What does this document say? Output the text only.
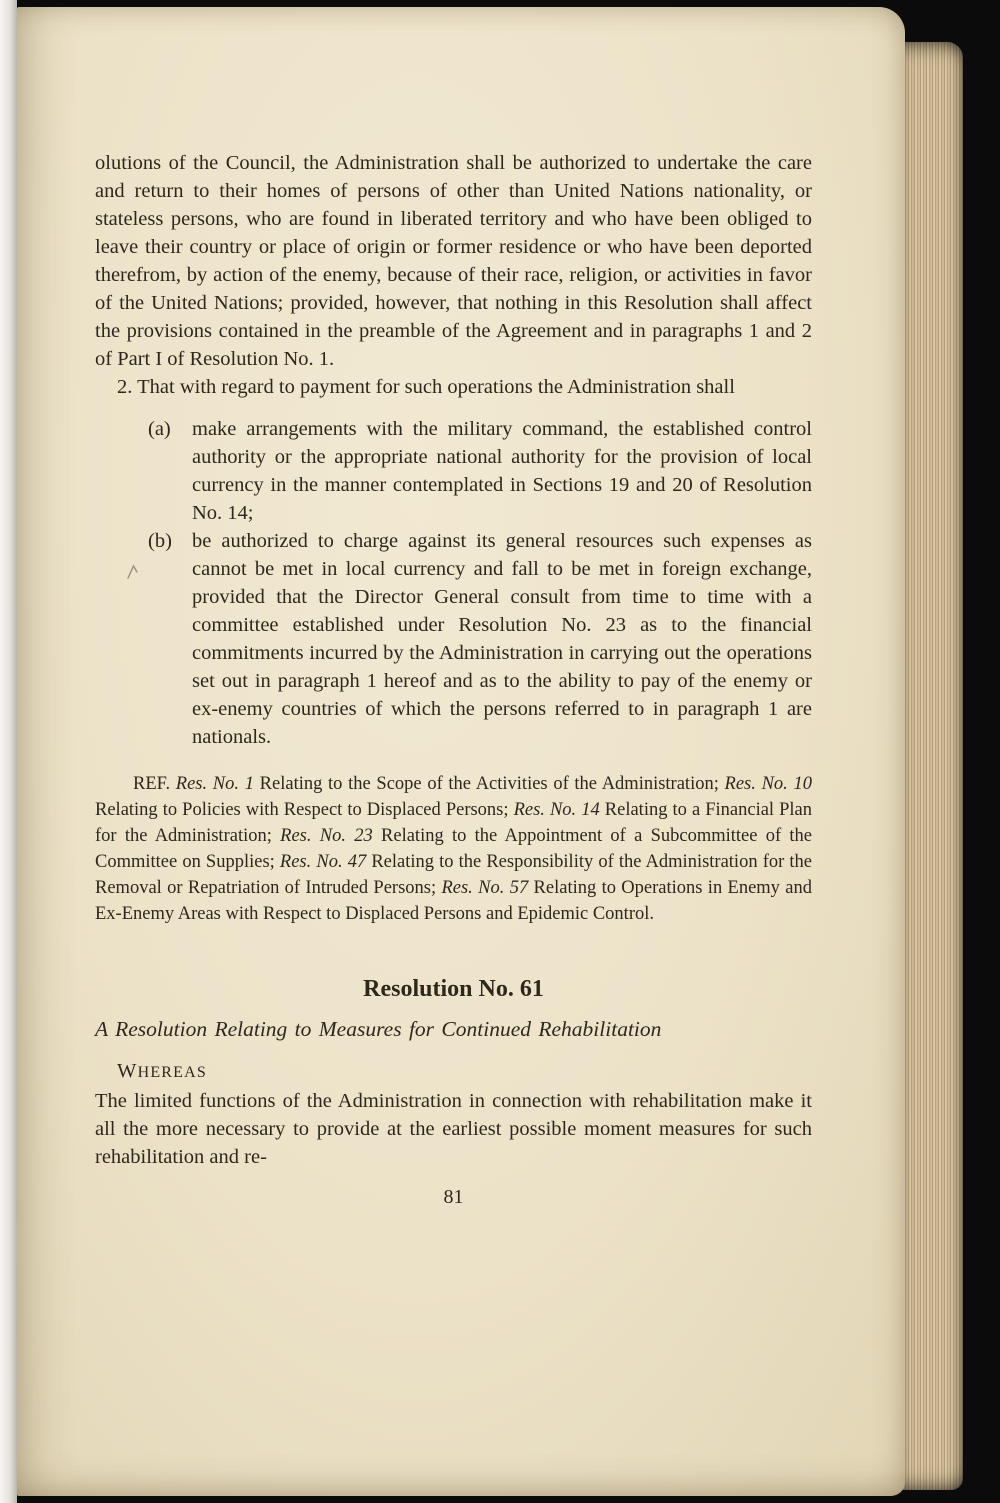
olutions of the Council, the Administration shall be authorized to undertake the care and return to their homes of persons of other than United Nations nationality, or stateless persons, who are found in liberated territory and who have been obliged to leave their country or place of origin or former residence or who have been deported therefrom, by action of the enemy, because of their race, religion, or activities in favor of the United Nations; provided, however, that nothing in this Resolution shall affect the provisions contained in the preamble of the Agreement and in paragraphs 1 and 2 of Part I of Resolution No. 1.

2. That with regard to payment for such operations the Administration shall

(a) make arrangements with the military command, the established control authority or the appropriate national authority for the provision of local currency in the manner contemplated in Sections 19 and 20 of Resolution No. 14;
(b) be authorized to charge against its general resources such expenses as cannot be met in local currency and fall to be met in foreign exchange, provided that the Director General consult from time to time with a committee established under Resolution No. 23 as to the financial commitments incurred by the Administration in carrying out the operations set out in paragraph 1 hereof and as to the ability to pay of the enemy or ex-enemy countries of which the persons referred to in paragraph 1 are nationals.

REF. Res. No. 1 Relating to the Scope of the Activities of the Administration; Res. No. 10 Relating to Policies with Respect to Displaced Persons; Res. No. 14 Relating to a Financial Plan for the Administration; Res. No. 23 Relating to the Appointment of a Subcommittee of the Committee on Supplies; Res. No. 47 Relating to the Responsibility of the Administration for the Removal or Repatriation of Intruded Persons; Res. No. 57 Relating to Operations in Enemy and Ex-Enemy Areas with Respect to Displaced Persons and Epidemic Control.

Resolution No. 61

A Resolution Relating to Measures for Continued Rehabilitation

WHEREAS

The limited functions of the Administration in connection with rehabilitation make it all the more necessary to provide at the earliest possible moment measures for such rehabilitation and re-

81
